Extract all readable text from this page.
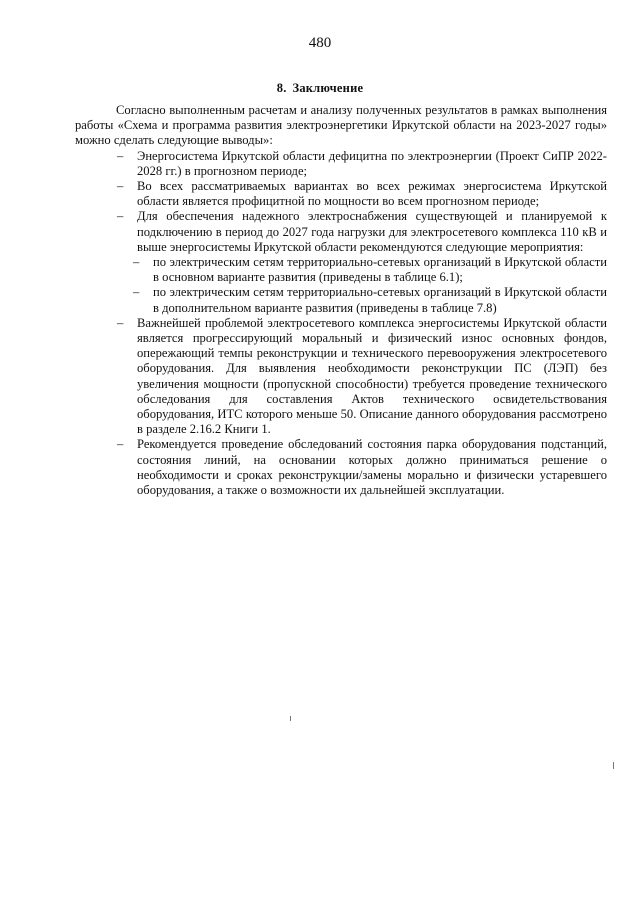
480
8. Заключение

Согласно выполненным расчетам и анализу полученных результатов в рамках выполнения работы «Схема и программа развития электроэнергетики Иркутской области на 2023-2027 годы» можно сделать следующие выводы»:

– Энергосистема Иркутской области дефицитна по электроэнергии (Проект СиПР 2022-2028 гг.) в прогнозном периоде;
– Во всех рассматриваемых вариантах во всех режимах энергосистема Иркутской области является профицитной по мощности во всем прогнозном периоде;
– Для обеспечения надежного электроснабжения существующей и планируемой к подключению в период до 2027 года нагрузки для электросетевого комплекса 110 кВ и выше энергосистемы Иркутской области рекомендуются следующие мероприятия:
– по электрическим сетям территориально-сетевых организаций в Иркутской области в основном варианте развития (приведены в таблице 6.1);
– по электрическим сетям территориально-сетевых организаций в Иркутской области в дополнительном варианте развития (приведены в таблице 7.8)
– Важнейшей проблемой электросетевого комплекса энергосистемы Иркутской области является прогрессирующий моральный и физический износ основных фондов, опережающий темпы реконструкции и технического перевооружения электросетевого оборудования. Для выявления необходимости реконструкции ПС (ЛЭП) без увеличения мощности (пропускной способности) требуется проведение технического обследования для составления Актов технического освидетельствования оборудования, ИТС которого меньше 50. Описание данного оборудования рассмотрено в разделе 2.16.2 Книги 1.
– Рекомендуется проведение обследований состояния парка оборудования подстанций, состояния линий, на основании которых должно приниматься решение о необходимости и сроках реконструкции/замены морально и физически устаревшего оборудования, а также о возможности их дальнейшей эксплуатации.
